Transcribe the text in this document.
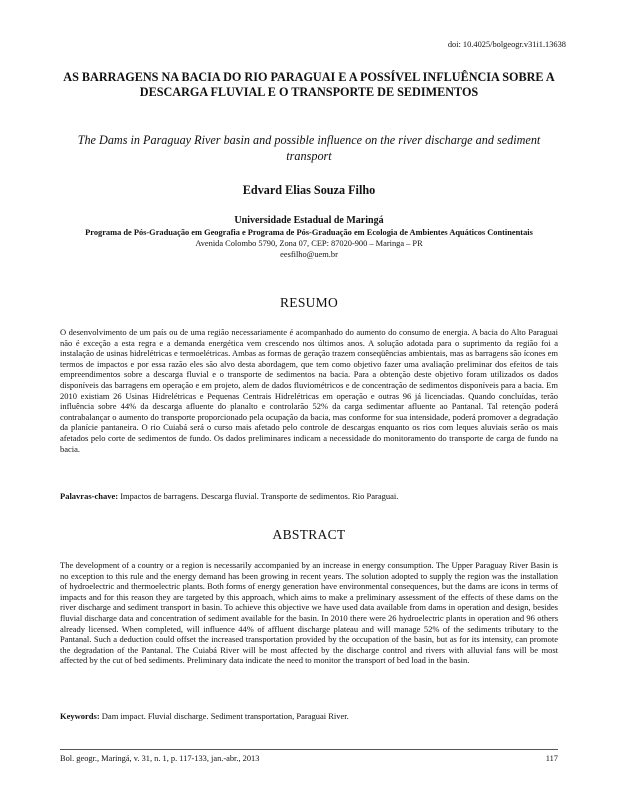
doi: 10.4025/bolgeogr.v31i1.13638
AS BARRAGENS NA BACIA DO RIO PARAGUAI E A POSSÍVEL INFLUÊNCIA SOBRE A DESCARGA FLUVIAL E O TRANSPORTE DE SEDIMENTOS
The Dams in Paraguay River basin and possible influence on the river discharge and sediment transport
Edvard Elias Souza Filho
Universidade Estadual de Maringá
Programa de Pós-Graduação em Geografia e Programa de Pós-Graduação em Ecologia de Ambientes Aquáticos Continentais
Avenida Colombo 5790, Zona 07, CEP: 87020-900 – Maringa – PR
eesfilho@uem.br
RESUMO
O desenvolvimento de um país ou de uma região necessariamente é acompanhado do aumento do consumo de energia. A bacia do Alto Paraguai não é exceção a esta regra e a demanda energética vem crescendo nos últimos anos. A solução adotada para o suprimento da região foi a instalação de usinas hidrelétricas e termoelétricas. Ambas as formas de geração trazem conseqüências ambientais, mas as barragens são ícones em termos de impactos e por essa razão eles são alvo desta abordagem, que tem como objetivo fazer uma avaliação preliminar dos efeitos de tais empreendimentos sobre a descarga fluvial e o transporte de sedimentos na bacia. Para a obtenção deste objetivo foram utilizados os dados disponíveis das barragens em operação e em projeto, alem de dados fluviométricos e de concentração de sedimentos disponíveis para a bacia. Em 2010 existiam 26 Usinas Hidrelétricas e Pequenas Centrais Hidrelétricas em operação e outras 96 já licenciadas. Quando concluídas, terão influência sobre 44% da descarga afluente do planalto e controlarão 52% da carga sedimentar afluente ao Pantanal. Tal retenção poderá contrabalançar o aumento do transporte proporcionado pela ocupação da bacia, mas conforme for sua intensidade, poderá promover a degradação da planície pantaneira. O rio Cuiabá será o curso mais afetado pelo controle de descargas enquanto os rios com leques aluviais serão os mais afetados pelo corte de sedimentos de fundo. Os dados preliminares indicam a necessidade do monitoramento do transporte de carga de fundo na bacia.
Palavras-chave: Impactos de barragens. Descarga fluvial. Transporte de sedimentos. Rio Paraguai.
ABSTRACT
The development of a country or a region is necessarily accompanied by an increase in energy consumption. The Upper Paraguay River Basin is no exception to this rule and the energy demand has been growing in recent years. The solution adopted to supply the region was the installation of hydroelectric and thermoelectric plants. Both forms of energy generation have environmental consequences, but the dams are icons in terms of impacts and for this reason they are targeted by this approach, which aims to make a preliminary assessment of the effects of these dams on the river discharge and sediment transport in basin. To achieve this objective we have used data available from dams in operation and design, besides fluvial discharge data and concentration of sediment available for the basin. In 2010 there were 26 hydroelectric plants in operation and 96 others already licensed. When completed, will influence 44% of affluent discharge plateau and will manage 52% of the sediments tributary to the Pantanal. Such a deduction could offset the increased transportation provided by the occupation of the basin, but as for its intensity, can promote the degradation of the Pantanal. The Cuiabá River will be most affected by the discharge control and rivers with alluvial fans will be most affected by the cut of bed sediments. Preliminary data indicate the need to monitor the transport of bed load in the basin.
Keywords: Dam impact. Fluvial discharge. Sediment transportation, Paraguai River.
Bol. geogr., Maringá, v. 31, n. 1, p. 117-133, jan.-abr., 2013	117
